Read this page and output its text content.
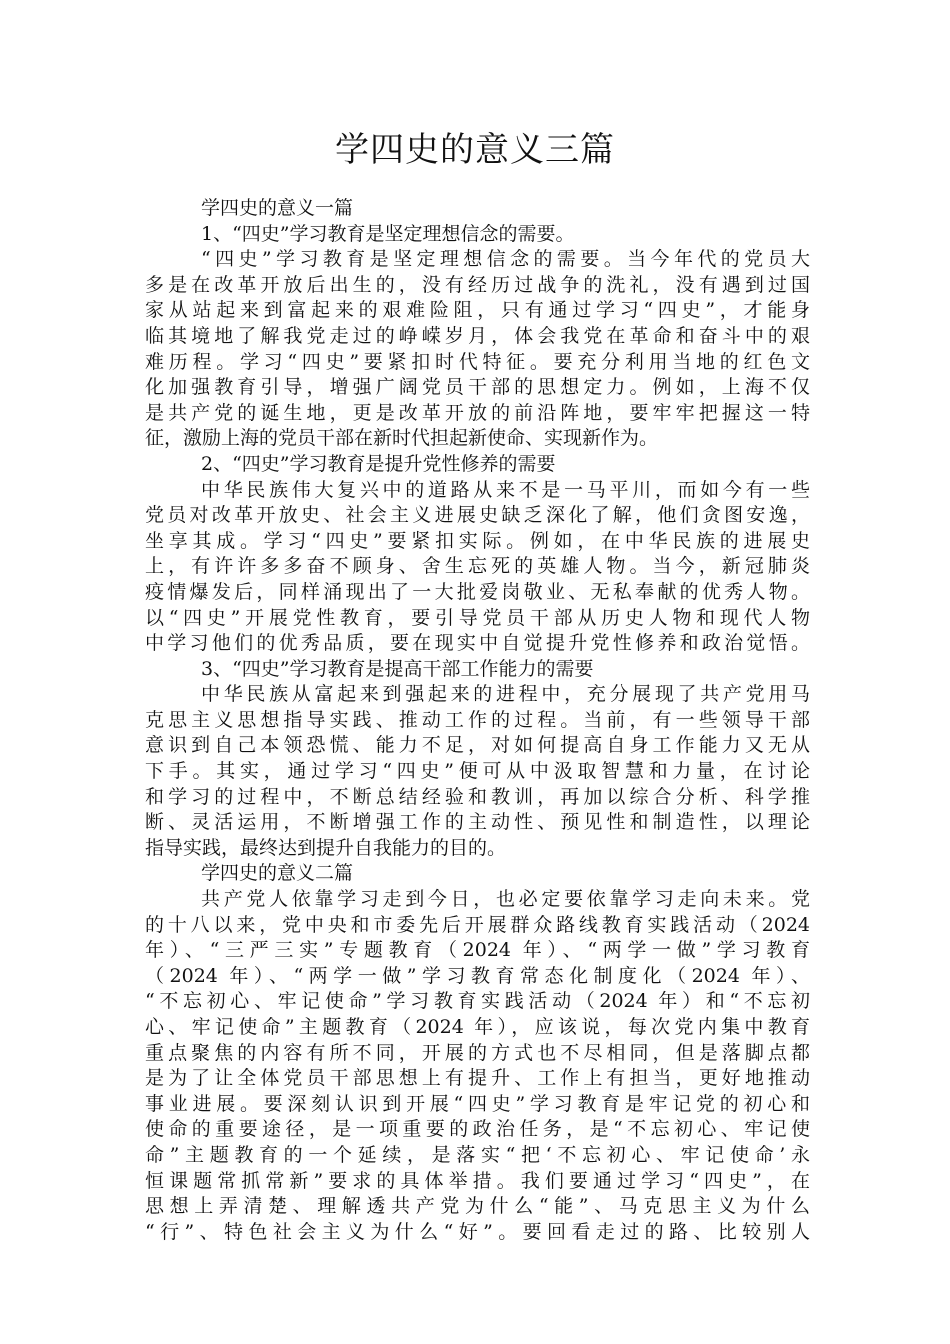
学四史的意义三篇
学四史的意义一篇
1、“四史”学习教育是坚定理想信念的需要。
“四史”学习教育是坚定理想信念的需要。当今年代的党员大
多是在改革开放后出生的，没有经历过战争的洗礼，没有遇到过国
家从站起来到富起来的艰难险阻，只有通过学习“四史”，才能身
临其境地了解我党走过的峥嵘岁月，体会我党在革命和奋斗中的艰
难历程。学习“四史”要紧扣时代特征。要充分利用当地的红色文
化加强教育引导，增强广阔党员干部的思想定力。例如，上海不仅
是共产党的诞生地，更是改革开放的前沿阵地，要牢牢把握这一特
征，激励上海的党员干部在新时代担起新使命、实现新作为。
2、“四史”学习教育是提升党性修养的需要
中华民族伟大复兴中的道路从来不是一马平川，而如今有一些
党员对改革开放史、社会主义进展史缺乏深化了解，他们贪图安逸，
坐享其成。学习“四史”要紧扣实际。例如，在中华民族的进展史
上，有许许多多奋不顾身、舍生忘死的英雄人物。当今，新冠肺炎
疫情爆发后，同样涌现出了一大批爱岗敬业、无私奉献的优秀人物。
以“四史”开展党性教育，要引导党员干部从历史人物和现代人物
中学习他们的优秀品质，要在现实中自觉提升党性修养和政治觉悟。
3、“四史”学习教育是提高干部工作能力的需要
中华民族从富起来到强起来的进程中，充分展现了共产党用马
克思主义思想指导实践、推动工作的过程。当前，有一些领导干部
意识到自己本领恐慌、能力不足，对如何提高自身工作能力又无从
下手。其实，通过学习“四史”便可从中汲取智慧和力量，在讨论
和学习的过程中，不断总结经验和教训，再加以综合分析、科学推
断、灵活运用，不断增强工作的主动性、预见性和制造性，以理论
指导实践，最终达到提升自我能力的目的。
学四史的意义二篇
共产党人依靠学习走到今日，也必定要依靠学习走向未来。党
的十八以来，党中央和市委先后开展群众路线教育实践活动（2024
年）、“三严三实”专题教育（2024 年）、“两学一做”学习教育
（2024 年）、“两学一做”学习教育常态化制度化（2024 年）、
“不忘初心、牢记使命”学习教育实践活动（2024 年）和“不忘初
心、牢记使命”主题教育（2024 年），应该说，每次党内集中教育
重点聚焦的内容有所不同，开展的方式也不尽相同，但是落脚点都
是为了让全体党员干部思想上有提升、工作上有担当，更好地推动
事业进展。要深刻认识到开展“四史”学习教育是牢记党的初心和
使命的重要途径，是一项重要的政治任务，是“不忘初心、牢记使
命”主题教育的一个延续，是落实“把‘不忘初心、牢记使命’永
恒课题常抓常新”要求的具体举措。我们要通过学习“四史”，在
思想上弄清楚、理解透共产党为什么“能”、马克思主义为什么
“行”、特色社会主义为什么“好”。要回看走过的路、比较别人
